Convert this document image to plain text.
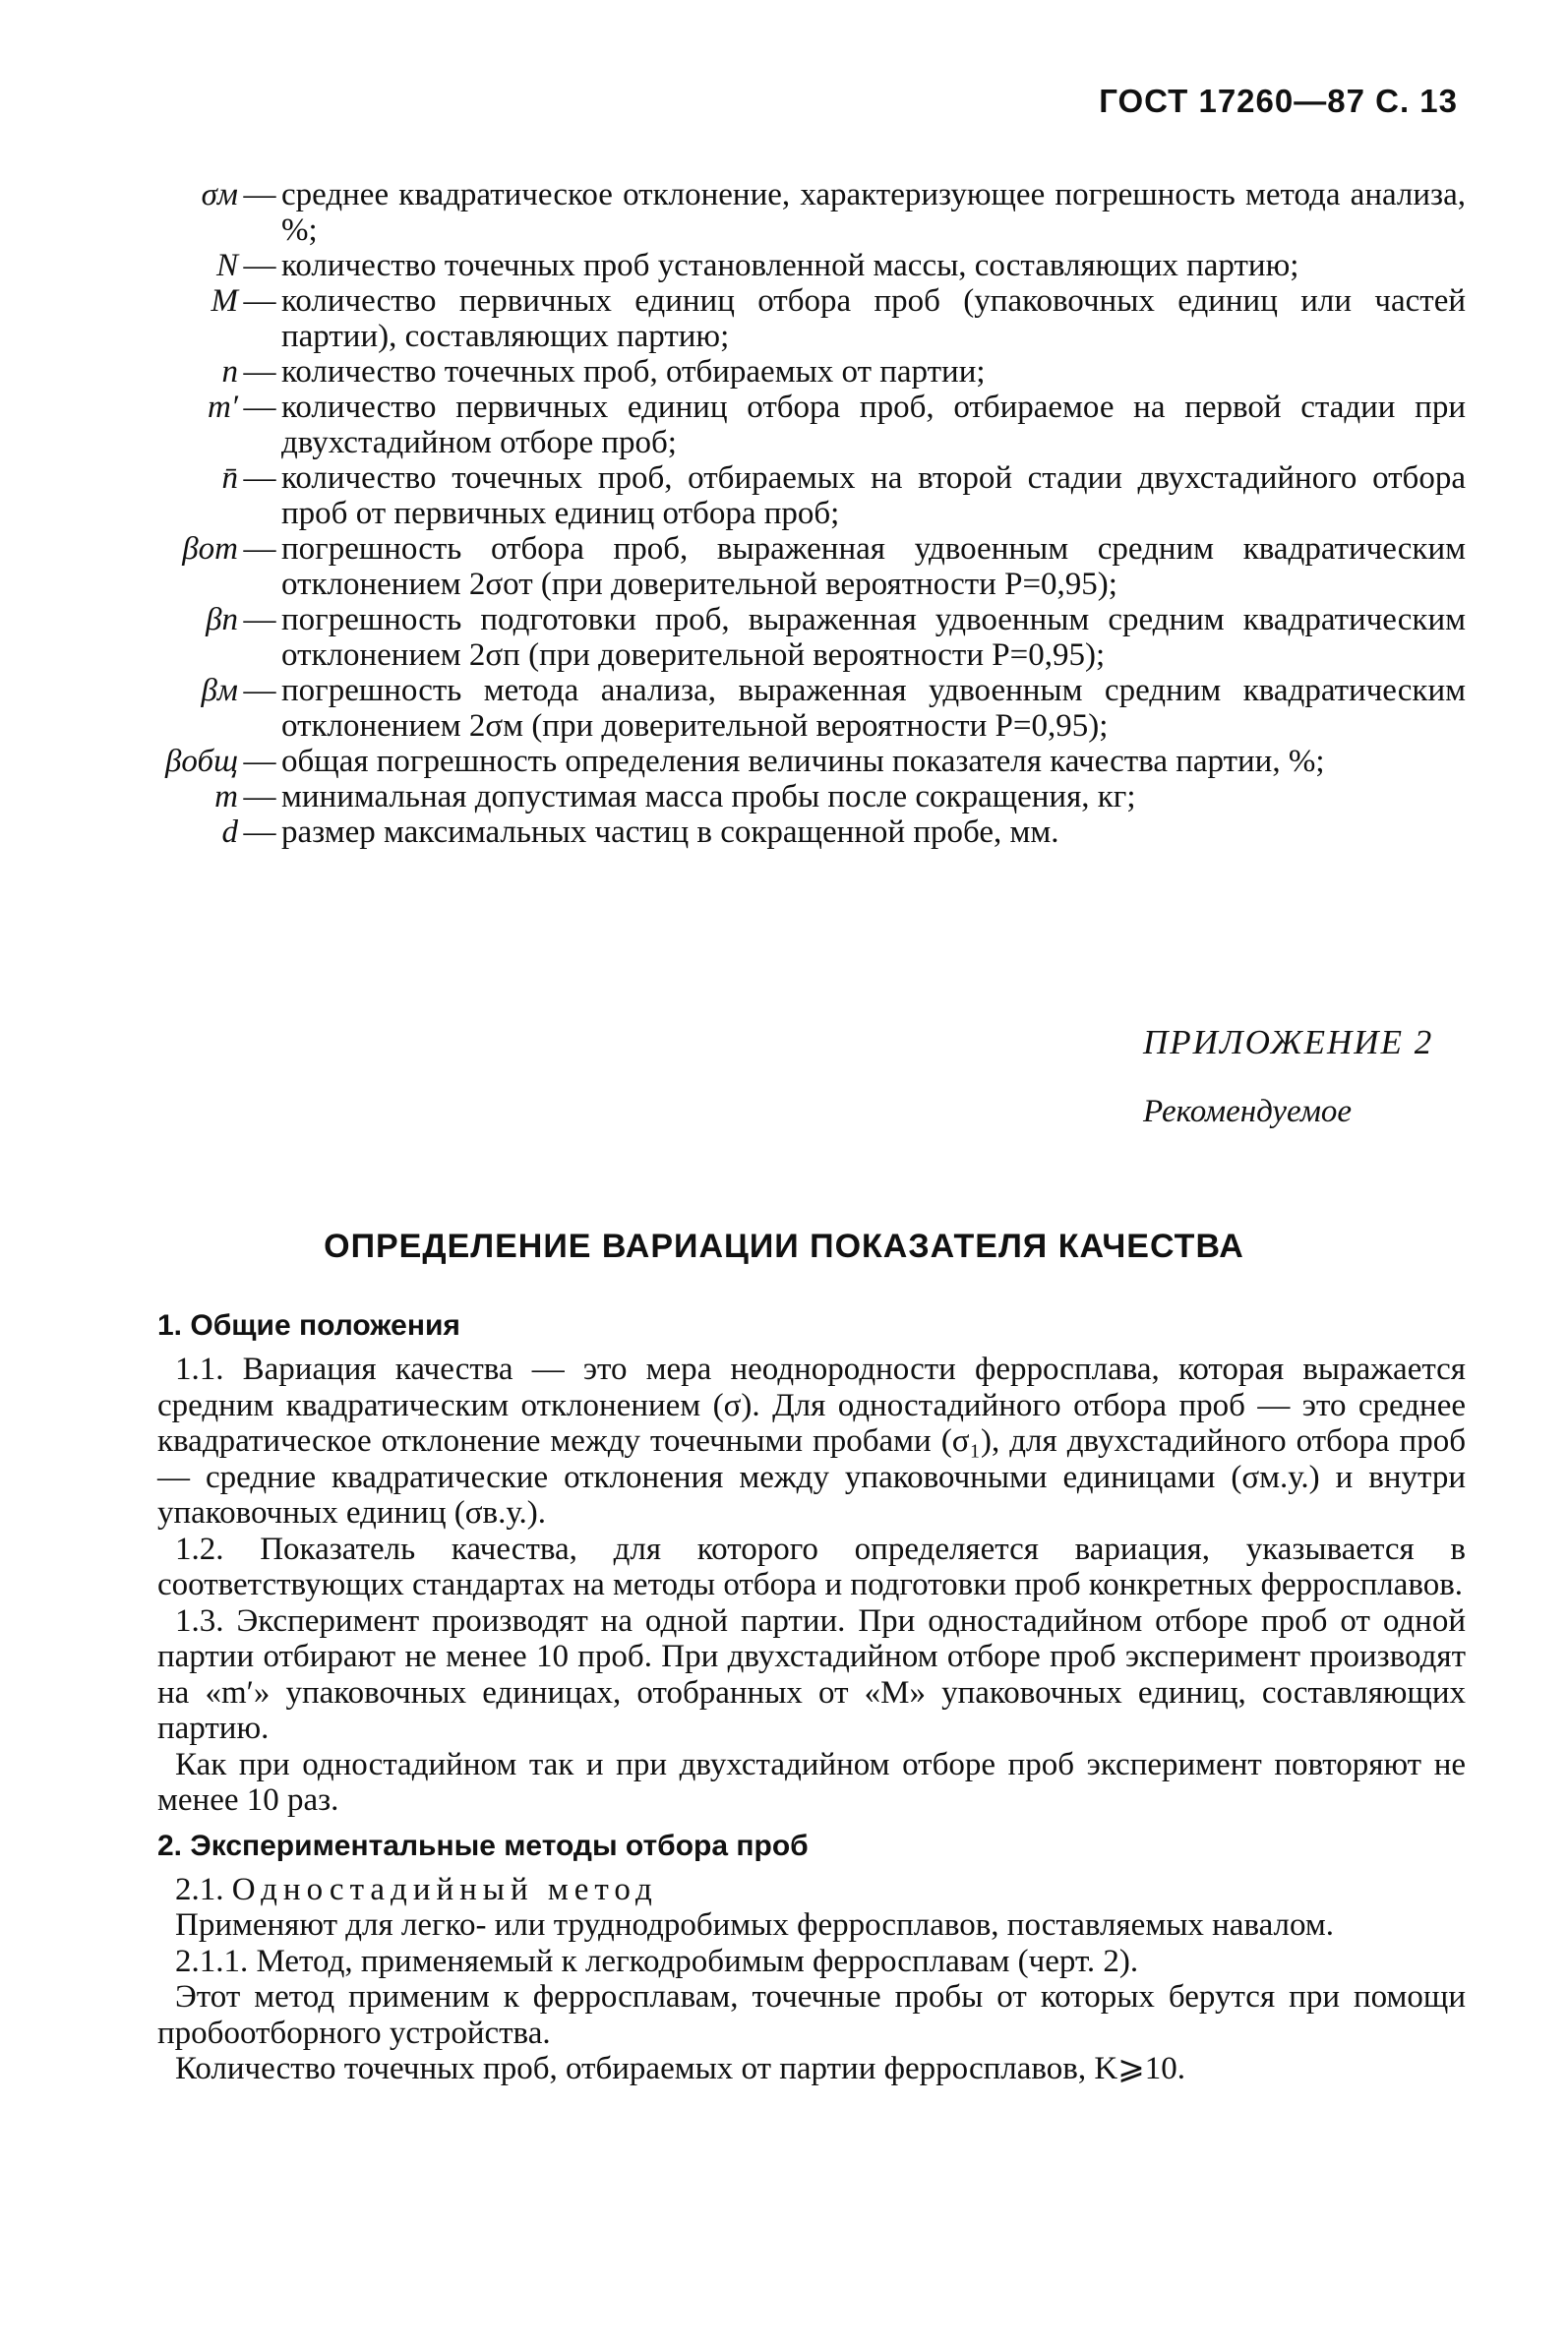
ГОСТ 17260—87 С. 13
σм — среднее квадратическое отклонение, характеризующее погрешность метода анализа, %;
N — количество точечных проб установленной массы, составляющих партию;
M — количество первичных единиц отбора проб (упаковочных единиц или частей партии), составляющих партию;
n — количество точечных проб, отбираемых от партии;
m′ — количество первичных единиц отбора проб, отбираемое на первой стадии при двухстадийном отборе проб;
n̄ — количество точечных проб, отбираемых на второй стадии двухстадийного отбора проб от первичных единиц отбора проб;
βот — погрешность отбора проб, выраженная удвоенным средним квадратическим отклонением 2σот (при доверительной вероятности P=0,95);
βп — погрешность подготовки проб, выраженная удвоенным средним квадратическим отклонением 2σп (при доверительной вероятности P=0,95);
βм — погрешность метода анализа, выраженная удвоенным средним квадратическим отклонением 2σм (при доверительной вероятности P=0,95);
βобщ — общая погрешность определения величины показателя качества партии, %;
m — минимальная допустимая масса пробы после сокращения, кг;
d — размер максимальных частиц в сокращенной пробе, мм.
ПРИЛОЖЕНИЕ 2
Рекомендуемое
ОПРЕДЕЛЕНИЕ ВАРИАЦИИ ПОКАЗАТЕЛЯ КАЧЕСТВА
1. Общие положения

1.1. Вариация качества — это мера неоднородности ферросплава, которая выражается средним квадратическим отклонением (σ). Для одностадийного отбора проб — это среднее квадратическое отклонение между точечными пробами (σ₁), для двухстадийного отбора проб — средние квадратические отклонения между упаковочными единицами (σм.у.) и внутри упаковочных единиц (σв.у.).

1.2. Показатель качества, для которого определяется вариация, указывается в соответствующих стандартах на методы отбора и подготовки проб конкретных ферросплавов.

1.3. Эксперимент производят на одной партии. При одностадийном отборе проб от одной партии отбирают не менее 10 проб. При двухстадийном отборе проб эксперимент производят на «m′» упаковочных единицах, отобранных от «M» упаковочных единиц, составляющих партию.

Как при одностадийном так и при двухстадийном отборе проб эксперимент повторяют не менее 10 раз.

2. Экспериментальные методы отбора проб

2.1. Одностадийный метод

Применяют для легко- или труднодробимых ферросплавов, поставляемых навалом.

2.1.1. Метод, применяемый к легкодробимым ферросплавам (черт. 2).

Этот метод применим к ферросплавам, точечные пробы от которых берутся при помощи пробоотборного устройства.

Количество точечных проб, отбираемых от партии ферросплавов, K⩾10.
